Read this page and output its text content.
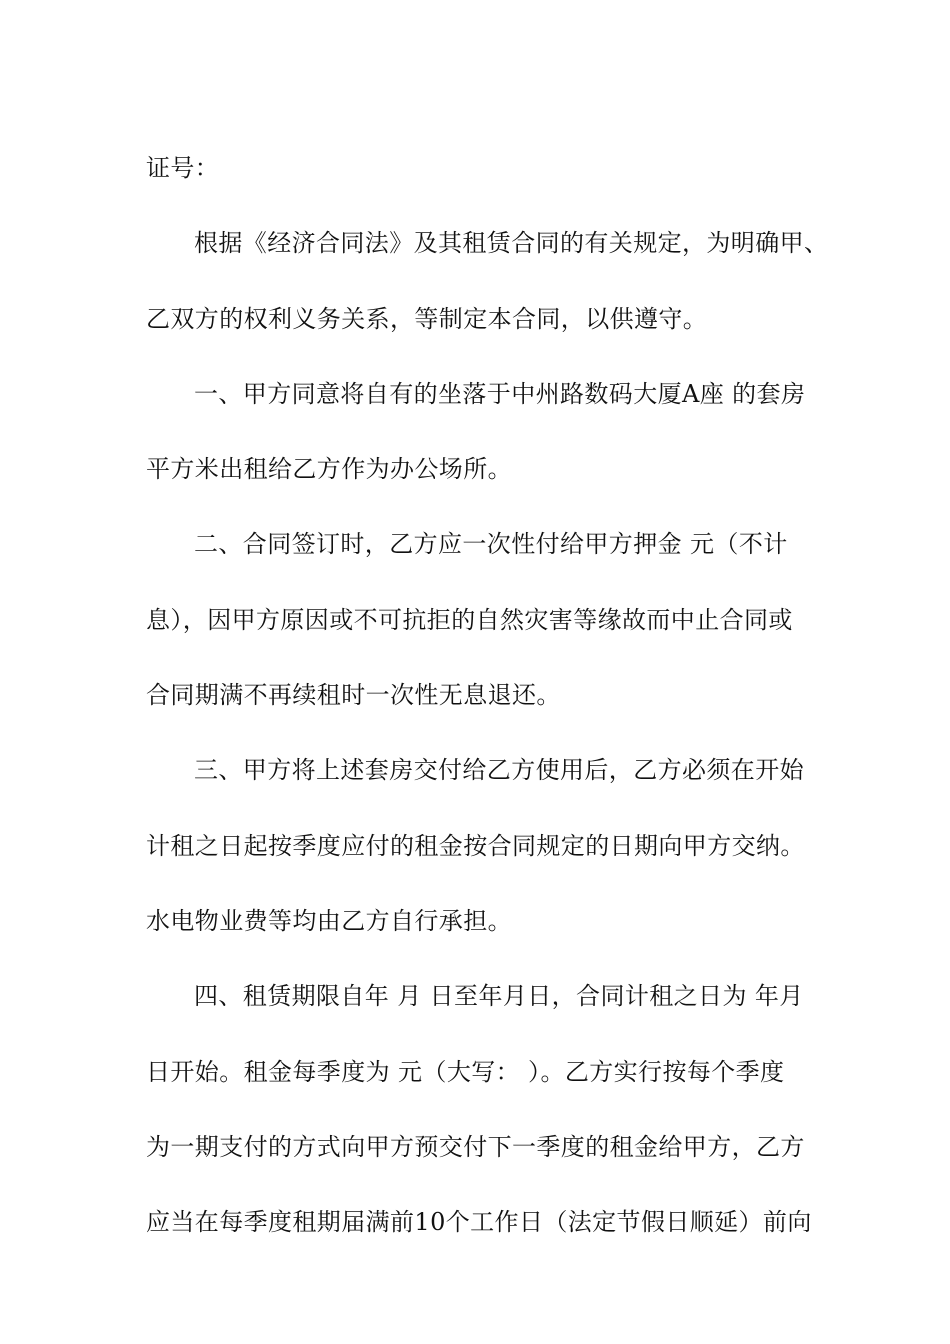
证号：
根据《经济合同法》及其租赁合同的有关规定，为明确甲、
乙双方的权利义务关系，等制定本合同，以供遵守。
一、甲方同意将自有的坐落于中州路数码大厦A座 的套房
平方米出租给乙方作为办公场所。
二、合同签订时，乙方应一次性付给甲方押金 元（不计
息），因甲方原因或不可抗拒的自然灾害等缘故而中止合同或
合同期满不再续租时一次性无息退还。
三、甲方将上述套房交付给乙方使用后，乙方必须在开始
计租之日起按季度应付的租金按合同规定的日期向甲方交纳。
水电物业费等均由乙方自行承担。
四、租赁期限自年 月 日至年月日，合同计租之日为 年月
日开始。租金每季度为 元（大写： ）。乙方实行按每个季度
为一期支付的方式向甲方预交付下一季度的租金给甲方，乙方
应当在每季度租期届满前10个工作日（法定节假日顺延）前向
